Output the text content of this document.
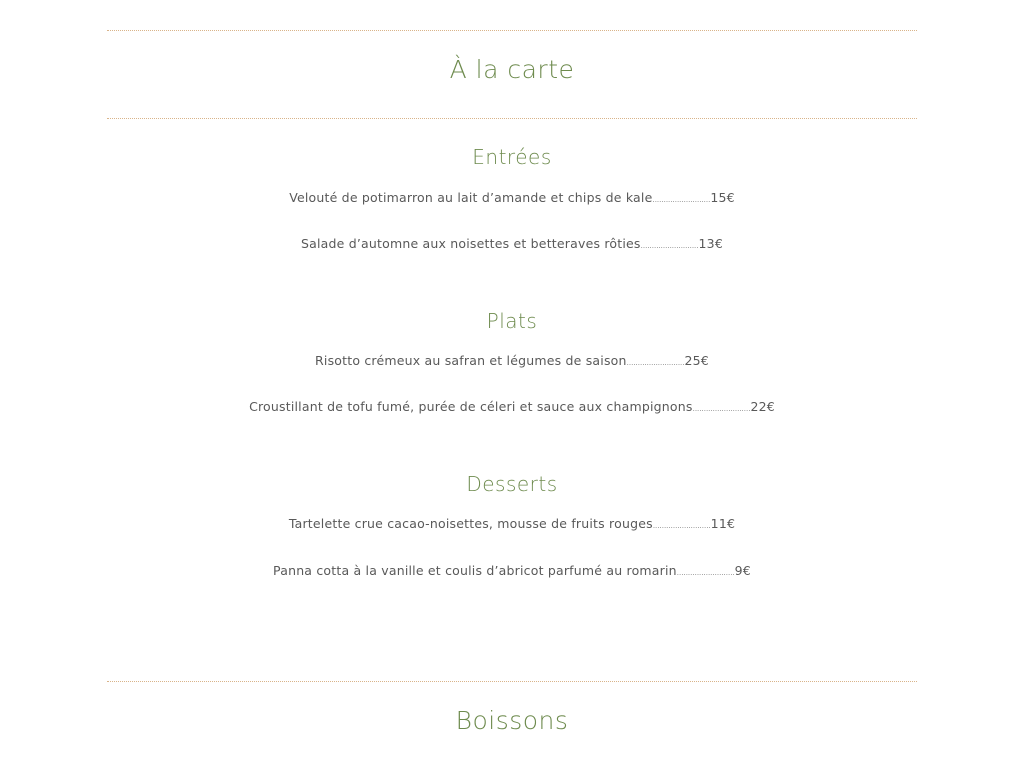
À la carte
Entrées
Velouté de potimarron au lait d’amande et chips de kale..........................15€
Salade d’automne aux noisettes et betteraves rôties..........................13€
Plats
Risotto crémeux au safran et légumes de saison..........................25€
Croustillant de tofu fumé, purée de céleri et sauce aux champignons..........................22€
Desserts
Tartelette crue cacao-noisettes, mousse de fruits rouges..........................11€
Panna cotta à la vanille et coulis d’abricot parfumé au romarin..........................9€
Boissons
